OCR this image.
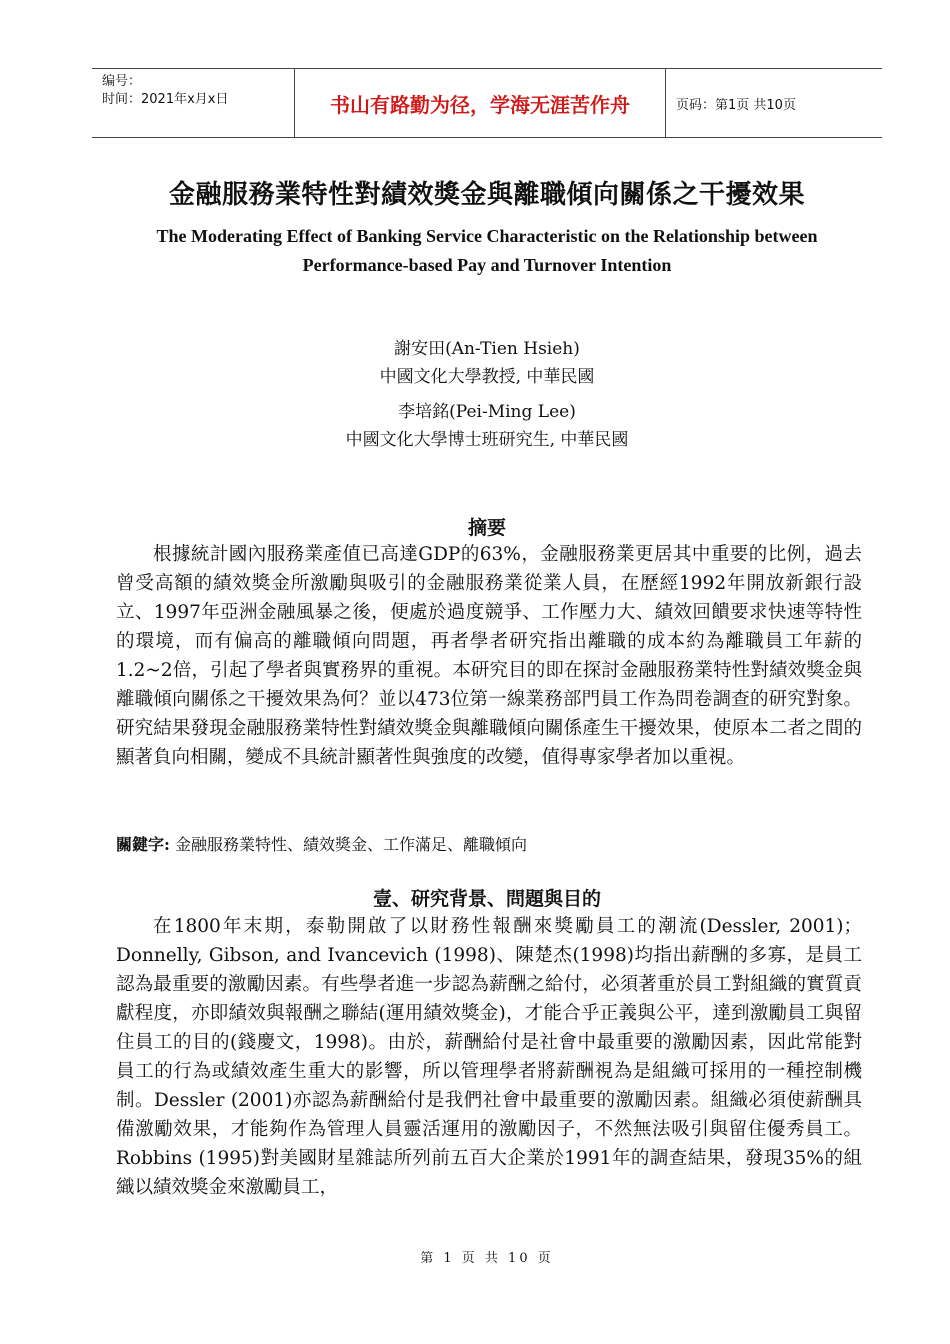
编号：
时间：2021年x月x日	书山有路勤为径，学海无涯苦作舟	页码：第1页 共10页
金融服務業特性對績效獎金與離職傾向關係之干擾效果
The Moderating Effect of Banking Service Characteristic on the Relationship between
Performance-based Pay and Turnover Intention
謝安田(An-Tien Hsieh)
中國文化大學教授, 中華民國
李培銘(Pei-Ming Lee)
中國文化大學博士班研究生, 中華民國
摘要

根據統計國內服務業產值已高達GDP的63%，金融服務業更居其中重要的比例，過去曾受高額的績效獎金所激勵與吸引的金融服務業從業人員，在歷經1992年開放新銀行設立、1997年亞洲金融風暴之後，便處於過度競爭、工作壓力大、績效回饋要求快速等特性的環境，而有偏高的離職傾向問題，再者學者研究指出離職的成本約為離職員工年薪的1.2~2倍，引起了學者與實務界的重視。本研究目的即在探討金融服務業特性對績效獎金與離職傾向關係之干擾效果為何？並以473位第一線業務部門員工作為問卷調查的研究對象。研究結果發現金融服務業特性對績效獎金與離職傾向關係產生干擾效果，使原本二者之間的顯著負向相關，變成不具統計顯著性與強度的改變，值得專家學者加以重視。

關鍵字: 金融服務業特性、績效獎金、工作滿足、離職傾向
壹、研究背景、問題與目的

在1800年末期，泰勒開啟了以財務性報酬來獎勵員工的潮流(Dessler, 2001)；Donnelly, Gibson, and Ivancevich (1998)、陳楚杰(1998)均指出薪酬的多寡，是員工認為最重要的激勵因素。有些學者進一步認為薪酬之給付，必須著重於員工對組織的實質貢獻程度，亦即績效與報酬之聯結(運用績效獎金)，才能合乎正義與公平，達到激勵員工與留住員工的目的(錢慶文，1998)。由於，薪酬給付是社會中最重要的激勵因素，因此常能對員工的行為或績效產生重大的影響，所以管理學者將薪酬視為是組織可採用的一種控制機制。Dessler (2001)亦認為薪酬給付是我們社會中最重要的激勵因素。組織必須使薪酬具備激勵效果，才能夠作為管理人員靈活運用的激勵因子，不然無法吸引與留住優秀員工。Robbins (1995)對美國財星雜誌所列前五百大企業於1991年的調查結果，發現35%的組織以績效獎金來激勵員工，

第 1 页 共 10 页
